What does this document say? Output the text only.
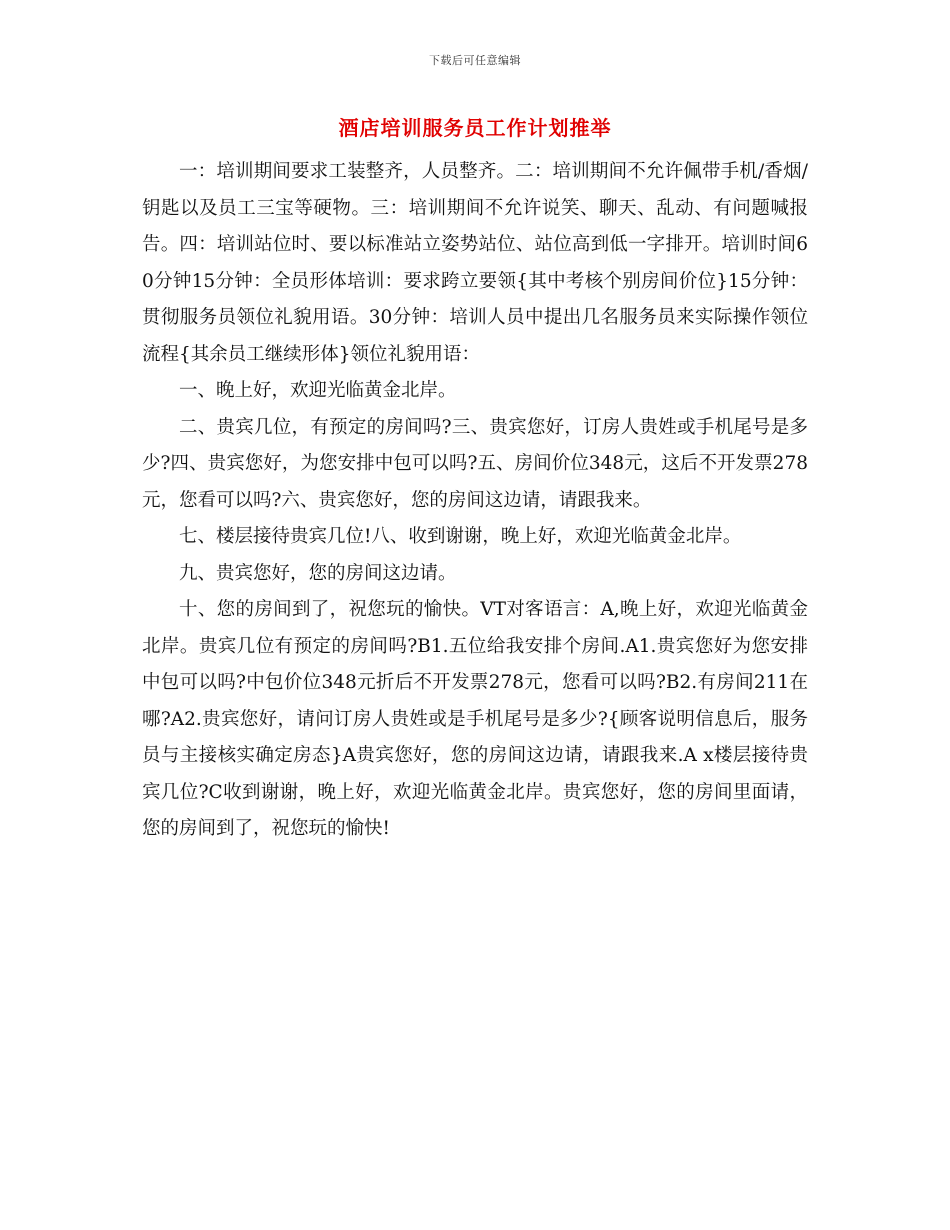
下载后可任意编辑
酒店培训服务员工作计划推举

一：培训期间要求工装整齐，人员整齐。二：培训期间不允许佩带手机/香烟/钥匙以及员工三宝等硬物。三：培训期间不允许说笑、聊天、乱动、有问题喊报告。四：培训站位时、要以标准站立姿势站位、站位高到低一字排开。培训时间60分钟15分钟：全员形体培训：要求跨立要领{其中考核个别房间价位}15分钟：贯彻服务员领位礼貌用语。30分钟：培训人员中提出几名服务员来实际操作领位流程{其余员工继续形体}领位礼貌用语：

一、晚上好，欢迎光临黄金北岸。

二、贵宾几位，有预定的房间吗?三、贵宾您好，订房人贵姓或手机尾号是多少?四、贵宾您好，为您安排中包可以吗?五、房间价位348元，这后不开发票278元，您看可以吗?六、贵宾您好，您的房间这边请，请跟我来。

七、楼层接待贵宾几位!八、收到谢谢，晚上好，欢迎光临黄金北岸。

九、贵宾您好，您的房间这边请。

十、您的房间到了，祝您玩的愉快。VT对客语言：A,晚上好，欢迎光临黄金北岸。贵宾几位有预定的房间吗?B1.五位给我安排个房间.A1.贵宾您好为您安排中包可以吗?中包价位348元折后不开发票278元，您看可以吗?B2.有房间211在哪?A2.贵宾您好，请问订房人贵姓或是手机尾号是多少?{顾客说明信息后，服务员与主接核实确定房态}A贵宾您好，您的房间这边请，请跟我来.A x楼层接待贵宾几位?C收到谢谢，晚上好，欢迎光临黄金北岸。贵宾您好，您的房间里面请，您的房间到了，祝您玩的愉快!
